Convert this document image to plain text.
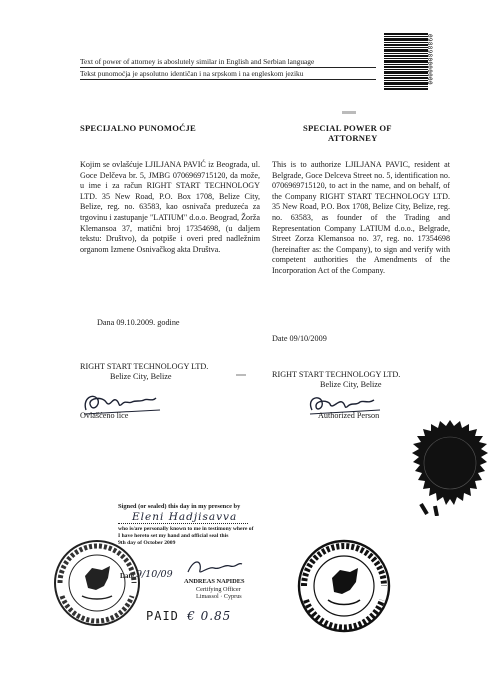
Text of power of attorney is aboslutely similar in English and Serbian language
Tekst punomoćja je apsolutno identičan i na srpskom i na engleskom jeziku	0988980000000
SPECIJALNO PUNOMOĆJE
Kojim se ovlašćuje LJILJANA PAVIĆ iz Beograda, ul. Goce Delčeva br. 5, JMBG 0706969715120, da može, u ime i za račun RIGHT START TECHNOLOGY LTD. 35 New Road, P.O. Box 1708, Belize City, Belize, reg. no. 63583, kao osnivača preduzeća za trgovinu i zastupanje "LATIUM" d.o.o. Beograd, Žorža Klemansoa 37, matični broj 17354698, (u daljem tekstu: Društvo), da potpiše i overi pred nadležnim organom Izmene Osnivačkog akta Društva.
Dana 09.10.2009. godine
RIGHT START TECHNOLOGY LTD.
Belize City, Belize
Ovlašćeno lice
SPECIAL POWER OF
ATTORNEY
This is to authorize LJILJANA PAVIC, resident at Belgrade, Goce Delceva Street no. 5, identification no. 0706969715120, to act in the name, and on behalf, of the Company RIGHT START TECHNOLOGY LTD. 35 New Road, P.O. Box 1708, Belize City, Belize, reg. no. 63583, as founder of the Trading and Representation Company LATIUM d.o.o., Belgrade, Street Zorza Klemansoa no. 37, reg. no. 17354698 (hereinafter as: the Company), to sign and verify with competent authorities the Amendments of the Incorporation Act of the Company.
Date 09/10/2009
RIGHT START TECHNOLOGY LTD.
Belize City, Belize
Authorized Person
Signed (or sealed) this day in my presence by
Eleni Hadjisavva
who is/are personally known to me in testimony where of
I have hereto set my hand and official seal this
9th day of October 2009
Date 9/10/09
ANDREAS NAPIDES
Certifying Officer
Limassol · Cyprus
PAID € 0.85
